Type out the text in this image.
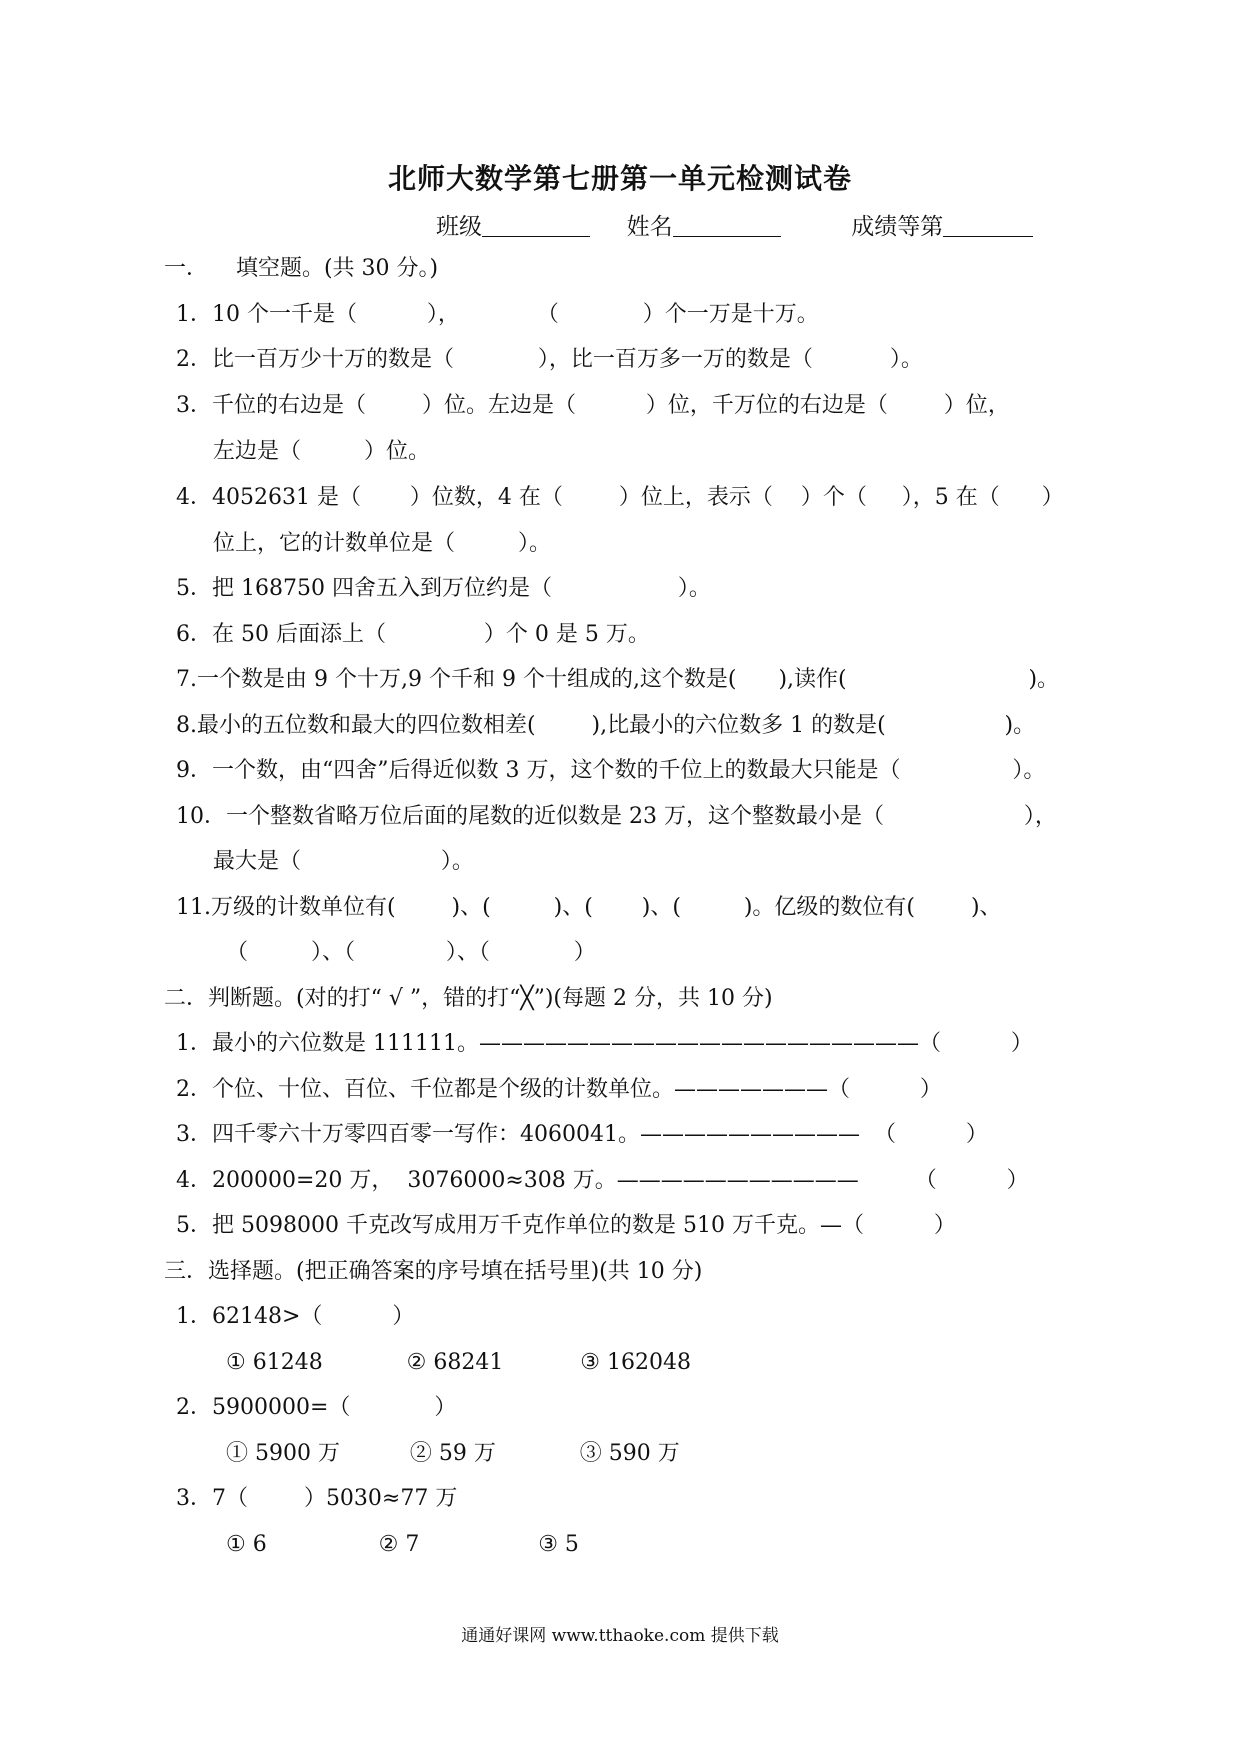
北师大数学第七册第一单元检测试卷
班级	姓名	成绩等第
一．    填空题。(共 30 分。)
1．10 个一千是（          ），           （            ）个一万是十万。
2．比一百万少十万的数是（            ），比一百万多一万的数是（           ）。
3．千位的右边是（        ）位。左边是（          ）位，千万位的右边是（        ）位，
左边是（         ）位。
4．4052631 是（       ）位数，4 在（        ）位上，表示（    ）个（     ），5 在（      ）
位上，它的计数单位是（         ）。
5．把 168750 四舍五入到万位约是（                  ）。
6．在 50 后面添上（              ）个 0 是 5 万。
7.一个数是由 9 个十万,9 个千和 9 个十组成的,这个数是(      ),读作(                          )。
8.最小的五位数和最大的四位数相差(        ),比最小的六位数多 1 的数是(                 )。
9．一个数，由“四舍”后得近似数 3 万，这个数的千位上的数最大只能是（                ）。
10．一个整数省略万位后面的尾数的近似数是 23 万，这个整数最小是（                    ），
最大是（                    ）。
11.万级的计数单位有(        )、(         )、(       )、(         )。亿级的数位有(        )、
（         ）、（             ）、（            ）
二．判断题。(对的打“ √ ”，错的打“╳”)(每题 2 分，共 10 分)
1．最小的六位数是 111111。————————————————————（          ）
2．个位、十位、百位、千位都是个级的计数单位。———————（          ）
3．四千零六十万零四百零一写作：4060041。——————————  （          ）
4．200000=20 万，  3076000≈308 万。———————————        （          ）
5．把 5098000 千克改写成用万千克作单位的数是 510 万千克。—（          ）
三．选择题。(把正确答案的序号填在括号里)(共 10 分)
1．62148>（          ）
① 61248            ② 68241           ③ 162048
2．5900000=（            ）
① 5900 万          ② 59 万            ③ 590 万
3．7（        ）5030≈77 万
① 6                ② 7                 ③ 5
通通好课网 www.tthaoke.com 提供下载
